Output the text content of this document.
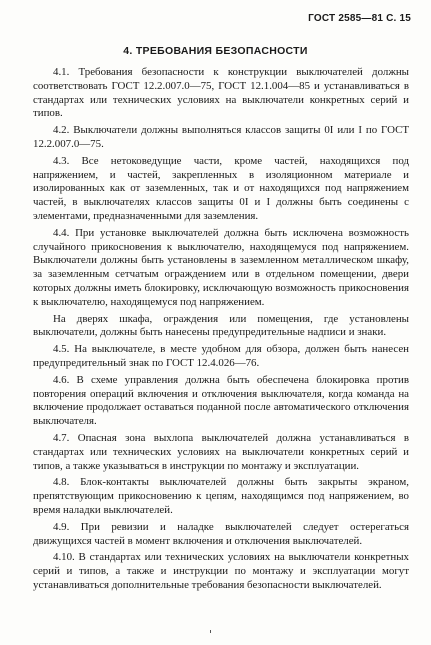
ГОСТ 2585—81 С. 15
4. ТРЕБОВАНИЯ БЕЗОПАСНОСТИ

4.1. Требования безопасности к конструкции выключателей должны соответствовать ГОСТ 12.2.007.0—75, ГОСТ 12.1.004—85 и устанавливаться в стандартах или технических условиях на выключатели конкретных серий и типов.

4.2. Выключатели должны выполняться классов защиты 0I или I по ГОСТ 12.2.007.0—75.

4.3. Все нетоковедущие части, кроме частей, находящихся под напряжением, и частей, закрепленных в изоляционном материале и изолированных как от заземленных, так и от находящихся под напряжением частей, в выключателях классов защиты 0I и I должны быть соединены с элементами, предназначенными для заземления.

4.4. При установке выключателей должна быть исключена возможность случайного прикосновения к выключателю, находящемуся под напряжением. Выключатели должны быть установлены в заземленном металлическом шкафу, за заземленным сетчатым ограждением или в отдельном помещении, двери которых должны иметь блокировку, исключающую возможность прикосновения к выключателю, находящемуся под напряжением.

На дверях шкафа, ограждения или помещения, где установлены выключатели, должны быть нанесены предупредительные надписи и знаки.

4.5. На выключателе, в месте удобном для обзора, должен быть нанесен предупредительный знак по ГОСТ 12.4.026—76.

4.6. В схеме управления должна быть обеспечена блокировка против повторения операций включения и отключения выключателя, когда команда на включение продолжает оставаться поданной после автоматического отключения выключателя.

4.7. Опасная зона выхлопа выключателей должна устанавливаться в стандартах или технических условиях на выключатели конкретных серий и типов, а также указываться в инструкции по монтажу и эксплуатации.

4.8. Блок-контакты выключателей должны быть закрыты экраном, препятствующим прикосновению к цепям, находящимся под напряжением, во время наладки выключателей.

4.9. При ревизии и наладке выключателей следует остерегаться движущихся частей в момент включения и отключения выключателей.

4.10. В стандартах или технических условиях на выключатели конкретных серий и типов, а также и инструкции по монтажу и эксплуатации могут устанавливаться дополнительные требования безопасности выключателей.
